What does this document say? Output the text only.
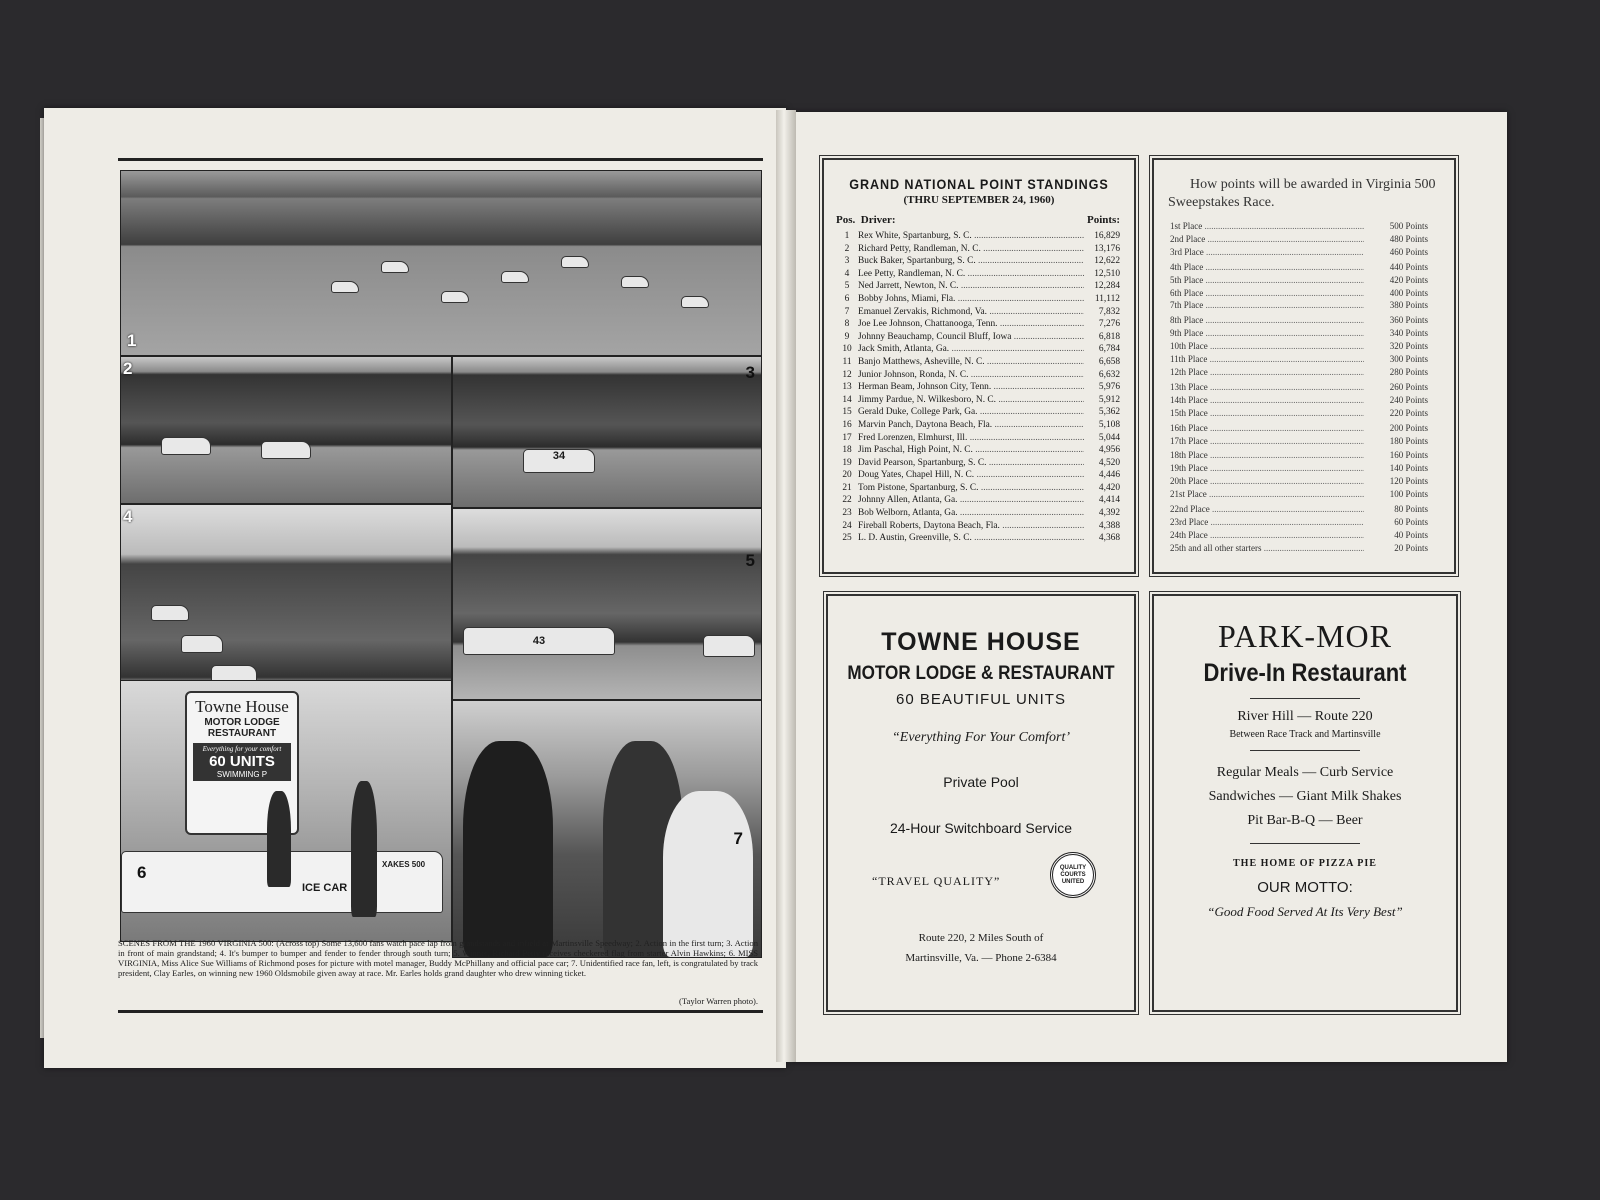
1
2	3
34
4
5
43
Towne House
MOTOR LODGE
RESTAURANT
Everything for your comfort
60 UNITS
SWIMMING P
ICE CAR
XAKES 500
6
7
SCENES FROM THE 1960 VIRGINIA 500: (Across top) Some 13,600 fans watch pace lap from grandstands and infield at Martinsville Speedway; 2. Action in the first turn; 3. Action in front of main grandstand; 4. It's bumper to bumper and fender to fender through south turn; 5. Winner, Richard Petty receives checkered flag from starter Alvin Hawkins; 6. MISS VIRGINIA, Miss Alice Sue Williams of Richmond poses for picture with motel manager, Buddy McPhillany and official pace car; 7. Unidentified race fan, left, is congratulated by track president, Clay Earles, on winning new 1960 Oldsmobile given away at race. Mr. Earles holds grand daughter who drew winning ticket.
(Taylor Warren photo).
GRAND NATIONAL POINT STANDINGS
(THRU SEPTEMBER 24, 1960)
Pos. Driver:	Points:
1 Rex White, Spartanburg, S. C. .....	16,829
2 Richard Petty, Randleman, N. C. .....	13,176
3 Buck Baker, Spartanburg, S. C. .....	12,622
4 Lee Petty, Randleman, N. C. .....	12,510
5 Ned Jarrett, Newton, N. C. .....	12,284
6 Bobby Johns, Miami, Fla. .....	11,112
7 Emanuel Zervakis, Richmond, Va. .....	7,832
8 Joe Lee Johnson, Chattanooga, Tenn. .....	7,276
9 Johnny Beauchamp, Council Bluff, Iowa .....	6,818
10 Jack Smith, Atlanta, Ga. .....	6,784
11 Banjo Matthews, Asheville, N. C. .....	6,658
12 Junior Johnson, Ronda, N. C. .....	6,632
13 Herman Beam, Johnson City, Tenn. .....	5,976
14 Jimmy Pardue, N. Wilkesboro, N. C. .....	5,912
15 Gerald Duke, College Park, Ga. .....	5,362
16 Marvin Panch, Daytona Beach, Fla. .....	5,108
17 Fred Lorenzen, Elmhurst, Ill. .....	5,044
18 Jim Paschal, High Point, N. C. .....	4,956
19 David Pearson, Spartanburg, S. C. .....	4,520
20 Doug Yates, Chapel Hill, N. C. .....	4,446
21 Tom Pistone, Spartanburg, S. C. .....	4,420
22 Johnny Allen, Atlanta, Ga. .....	4,414
23 Bob Welborn, Atlanta, Ga. .....	4,392
24 Fireball Roberts, Daytona Beach, Fla. .....	4,388
25 L. D. Austin, Greenville, S. C. .....	4,368
How points will be awarded in Virginia 500 Sweepstakes Race.
1st Place .....	500 Points
2nd Place .....	480 Points
3rd Place .....	460 Points
4th Place .....	440 Points
5th Place .....	420 Points
6th Place .....	400 Points
7th Place .....	380 Points
8th Place .....	360 Points
9th Place .....	340 Points
10th Place .....	320 Points
11th Place .....	300 Points
12th Place .....	280 Points
13th Place .....	260 Points
14th Place .....	240 Points
15th Place .....	220 Points
16th Place .....	200 Points
17th Place .....	180 Points
18th Place .....	160 Points
19th Place .....	140 Points
20th Place .....	120 Points
21st Place .....	100 Points
22nd Place .....	80 Points
23rd Place .....	60 Points
24th Place .....	40 Points
25th and all other starters .....	20 Points
TOWNE HOUSE
MOTOR LODGE & RESTAURANT
60 BEAUTIFUL UNITS
“Everything For Your Comfort’
Private Pool
24-Hour Switchboard Service
“TRAVEL QUALITY”
QUALITY
COURTS
UNITED
Route 220, 2 Miles South of
Martinsville, Va. — Phone 2-6384
PARK-MOR
Drive-In Restaurant
River Hill — Route 220
Between Race Track and Martinsville
Regular Meals — Curb Service
Sandwiches — Giant Milk Shakes
Pit Bar-B-Q — Beer
THE HOME OF PIZZA PIE
OUR MOTTO:
“Good Food Served At Its Very Best”
